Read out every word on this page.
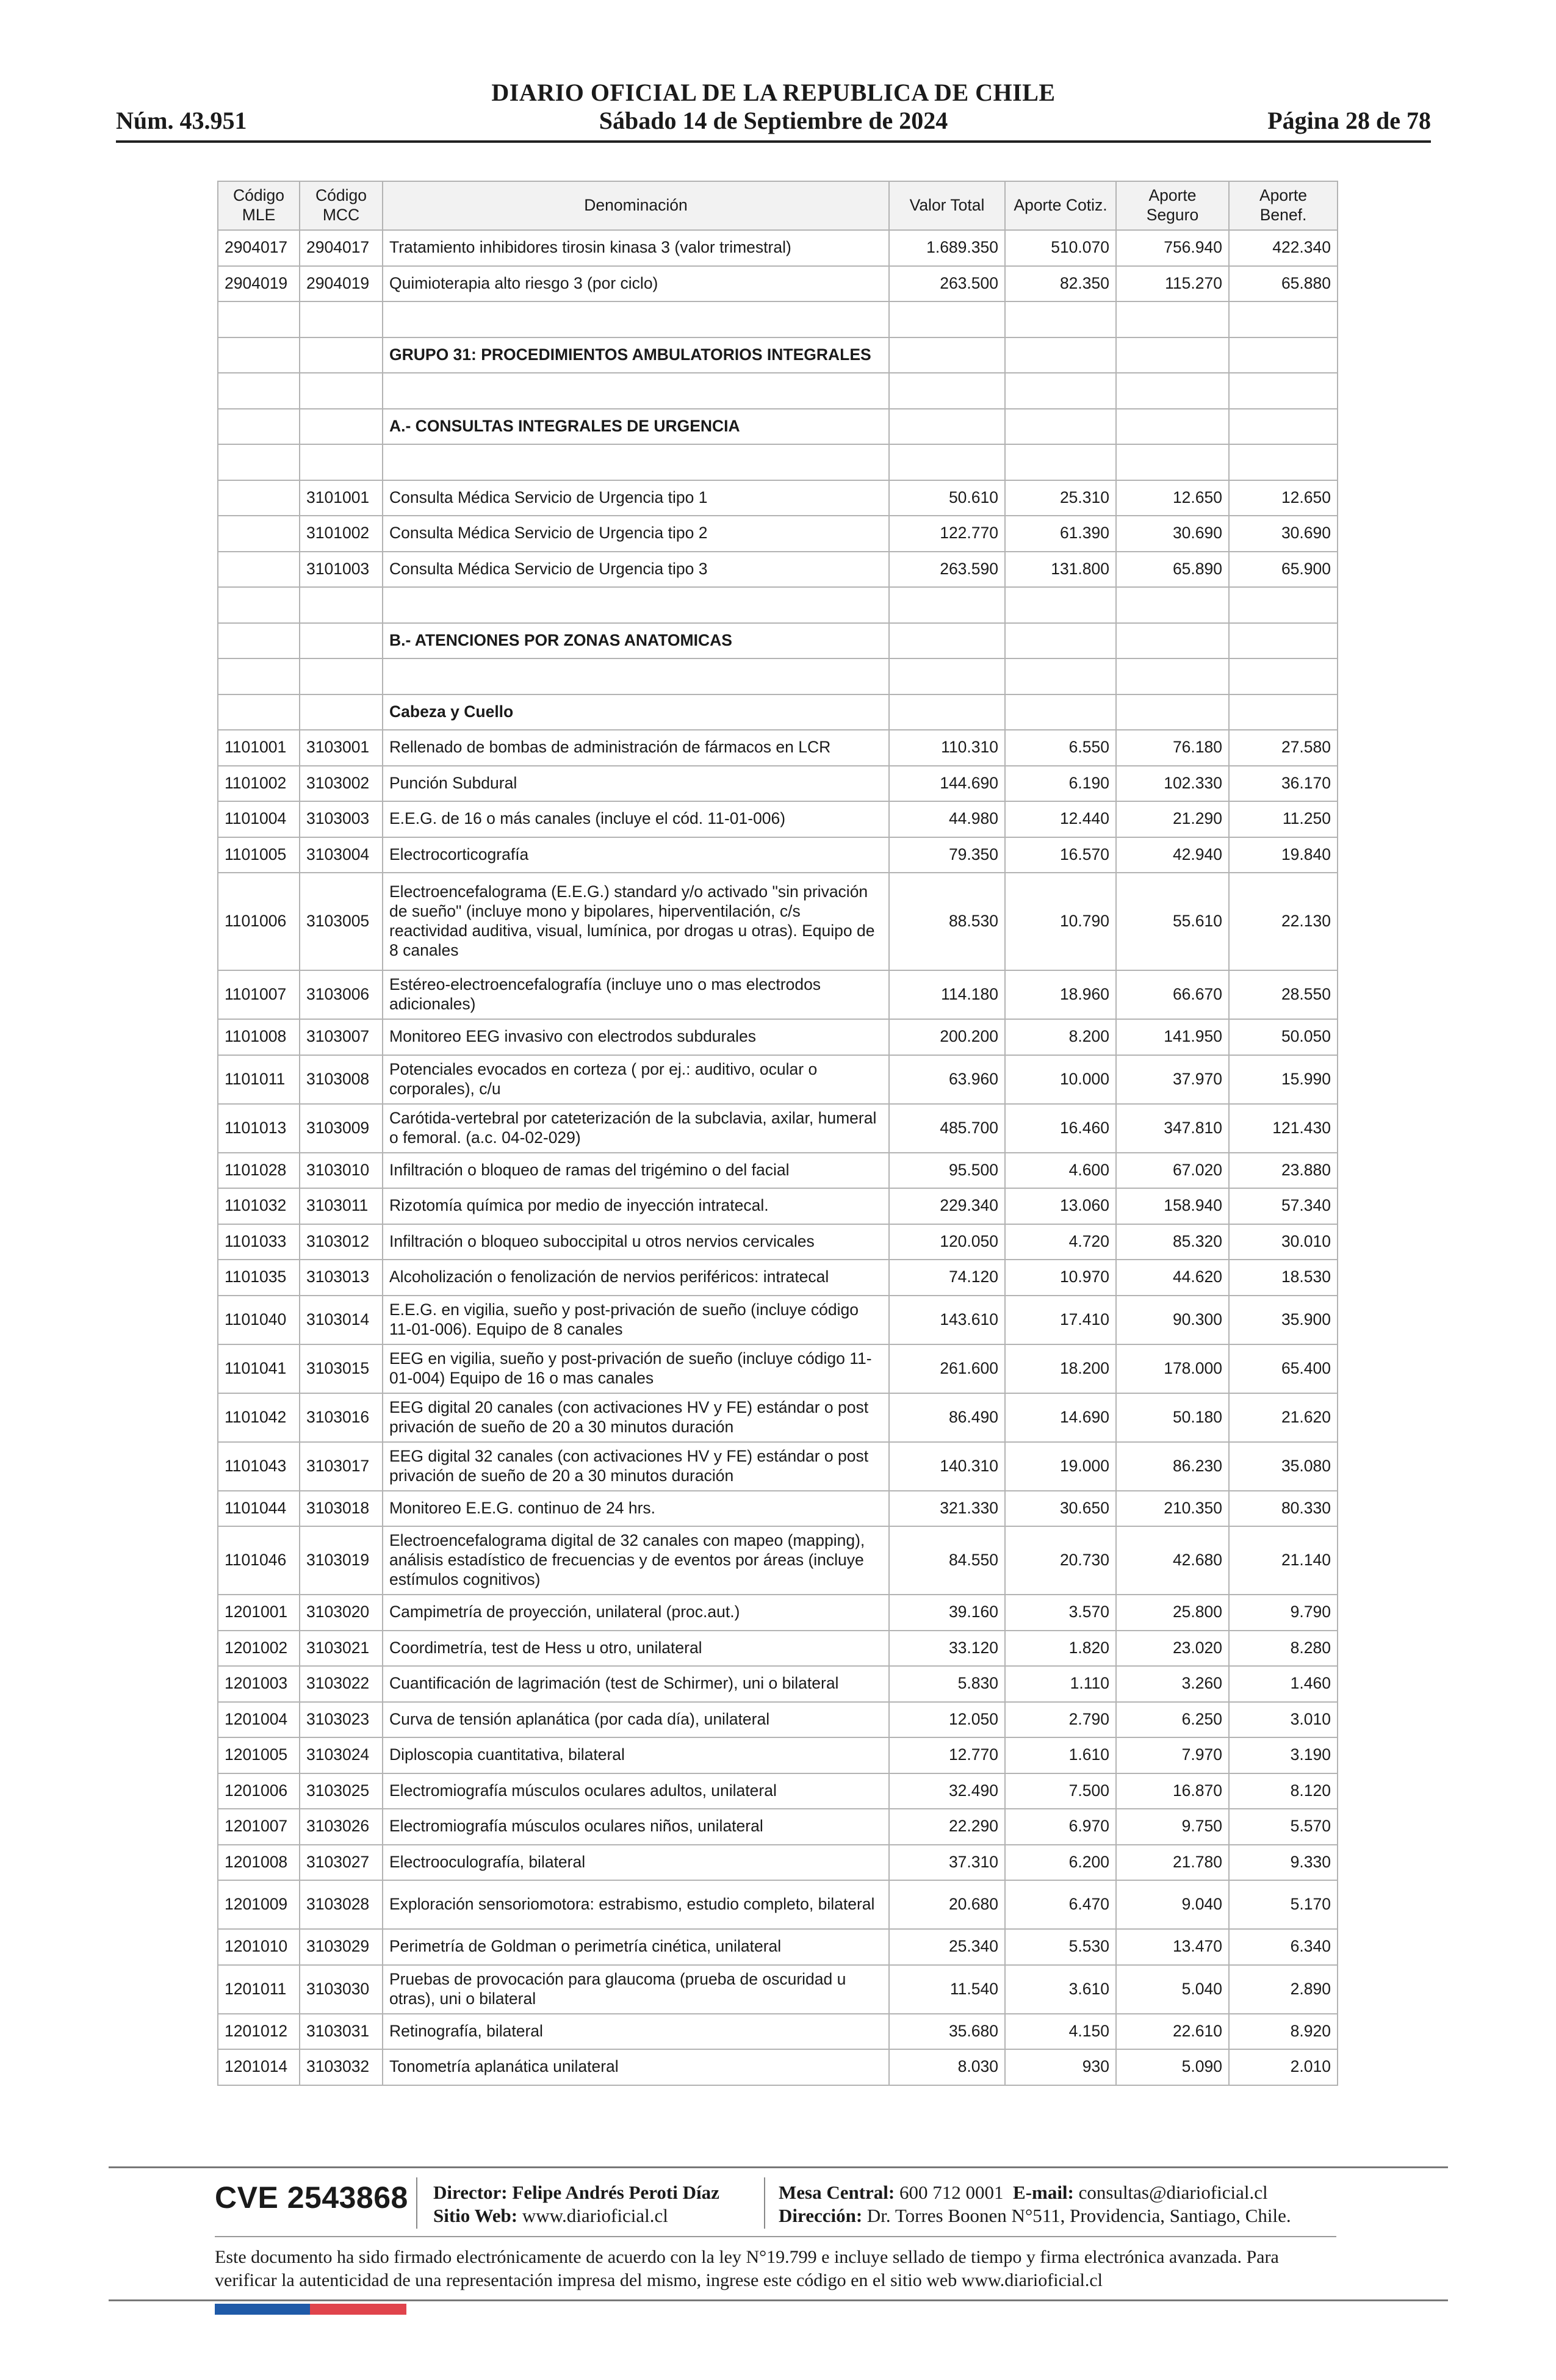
DIARIO OFICIAL DE LA REPUBLICA DE CHILE
Núm. 43.951	Sábado 14 de Septiembre de 2024	Página 28 de 78
Código MLE	Código MCC	Denominación	Valor Total	Aporte Cotiz.	Aporte Seguro	Aporte Benef.
2904017	2904017	Tratamiento inhibidores tirosin kinasa 3 (valor trimestral)	1.689.350	510.070	756.940	422.340
2904019	2904019	Quimioterapia alto riesgo 3 (por ciclo)	263.500	82.350	115.270	65.880

		GRUPO 31: PROCEDIMIENTOS AMBULATORIOS INTEGRALES				

		A.- CONSULTAS INTEGRALES DE URGENCIA				

	3101001	Consulta Médica Servicio de Urgencia tipo 1	50.610	25.310	12.650	12.650
	3101002	Consulta Médica Servicio de Urgencia tipo 2	122.770	61.390	30.690	30.690
	3101003	Consulta Médica Servicio de Urgencia tipo 3	263.590	131.800	65.890	65.900

		B.- ATENCIONES POR ZONAS ANATOMICAS				

		Cabeza y Cuello				
1101001	3103001	Rellenado de bombas de administración de fármacos en LCR	110.310	6.550	76.180	27.580
1101002	3103002	Punción Subdural	144.690	6.190	102.330	36.170
1101004	3103003	E.E.G. de 16 o más canales (incluye el cód. 11-01-006)	44.980	12.440	21.290	11.250
1101005	3103004	Electrocorticografía	79.350	16.570	42.940	19.840
1101006	3103005	Electroencefalograma (E.E.G.) standard y/o activado "sin privación de sueño" (incluye mono y bipolares, hiperventilación, c/s reactividad auditiva, visual, lumínica, por drogas u otras). Equipo de 8 canales	88.530	10.790	55.610	22.130
1101007	3103006	Estéreo-electroencefalografía (incluye uno o mas electrodos adicionales)	114.180	18.960	66.670	28.550
1101008	3103007	Monitoreo EEG invasivo con electrodos subdurales	200.200	8.200	141.950	50.050
1101011	3103008	Potenciales evocados en corteza ( por ej.: auditivo, ocular o corporales), c/u	63.960	10.000	37.970	15.990
1101013	3103009	Carótida-vertebral por cateterización de la subclavia, axilar, humeral o femoral. (a.c. 04-02-029)	485.700	16.460	347.810	121.430
1101028	3103010	Infiltración o bloqueo de ramas del trigémino o del facial	95.500	4.600	67.020	23.880
1101032	3103011	Rizotomía química por medio de inyección intratecal.	229.340	13.060	158.940	57.340
1101033	3103012	Infiltración o bloqueo suboccipital u otros nervios cervicales	120.050	4.720	85.320	30.010
1101035	3103013	Alcoholización o fenolización de nervios periféricos: intratecal	74.120	10.970	44.620	18.530
1101040	3103014	E.E.G. en vigilia, sueño y post-privación de sueño (incluye código 11-01-006). Equipo de 8 canales	143.610	17.410	90.300	35.900
1101041	3103015	EEG en vigilia, sueño y post-privación de sueño (incluye código 11-01-004) Equipo de 16 o mas canales	261.600	18.200	178.000	65.400
1101042	3103016	EEG digital 20 canales (con activaciones HV y FE) estándar o post privación de sueño de 20 a 30 minutos duración	86.490	14.690	50.180	21.620
1101043	3103017	EEG digital 32 canales (con activaciones HV y FE) estándar o post privación de sueño de 20 a 30 minutos duración	140.310	19.000	86.230	35.080
1101044	3103018	Monitoreo E.E.G. continuo de 24 hrs.	321.330	30.650	210.350	80.330
1101046	3103019	Electroencefalograma digital de 32 canales con mapeo (mapping), análisis estadístico de frecuencias y de eventos por áreas (incluye estímulos cognitivos)	84.550	20.730	42.680	21.140
1201001	3103020	Campimetría de proyección, unilateral (proc.aut.)	39.160	3.570	25.800	9.790
1201002	3103021	Coordimetría, test de Hess u otro, unilateral	33.120	1.820	23.020	8.280
1201003	3103022	Cuantificación de lagrimación (test de Schirmer), uni o bilateral	5.830	1.110	3.260	1.460
1201004	3103023	Curva de tensión aplanática (por cada día), unilateral	12.050	2.790	6.250	3.010
1201005	3103024	Diploscopia cuantitativa, bilateral	12.770	1.610	7.970	3.190
1201006	3103025	Electromiografía músculos oculares adultos, unilateral	32.490	7.500	16.870	8.120
1201007	3103026	Electromiografía músculos oculares niños, unilateral	22.290	6.970	9.750	5.570
1201008	3103027	Electrooculografía, bilateral	37.310	6.200	21.780	9.330
1201009	3103028	Exploración sensoriomotora: estrabismo, estudio completo, bilateral	20.680	6.470	9.040	5.170
1201010	3103029	Perimetría de Goldman o perimetría cinética, unilateral	25.340	5.530	13.470	6.340
1201011	3103030	Pruebas de provocación para glaucoma (prueba de oscuridad u otras), uni o bilateral	11.540	3.610	5.040	2.890
1201012	3103031	Retinografía, bilateral	35.680	4.150	22.610	8.920
1201014	3103032	Tonometría aplanática unilateral	8.030	930	5.090	2.010
CVE 2543868 Director: Felipe Andrés Peroti Díaz
Sitio Web: www.diarioficial.cl
Mesa Central: 600 712 0001 E-mail: consultas@diarioficial.cl
Dirección: Dr. Torres Boonen N°511, Providencia, Santiago, Chile.
Este documento ha sido firmado electrónicamente de acuerdo con la ley N°19.799 e incluye sellado de tiempo y firma electrónica avanzada. Para verificar la autenticidad de una representación impresa del mismo, ingrese este código en el sitio web www.diarioficial.cl
